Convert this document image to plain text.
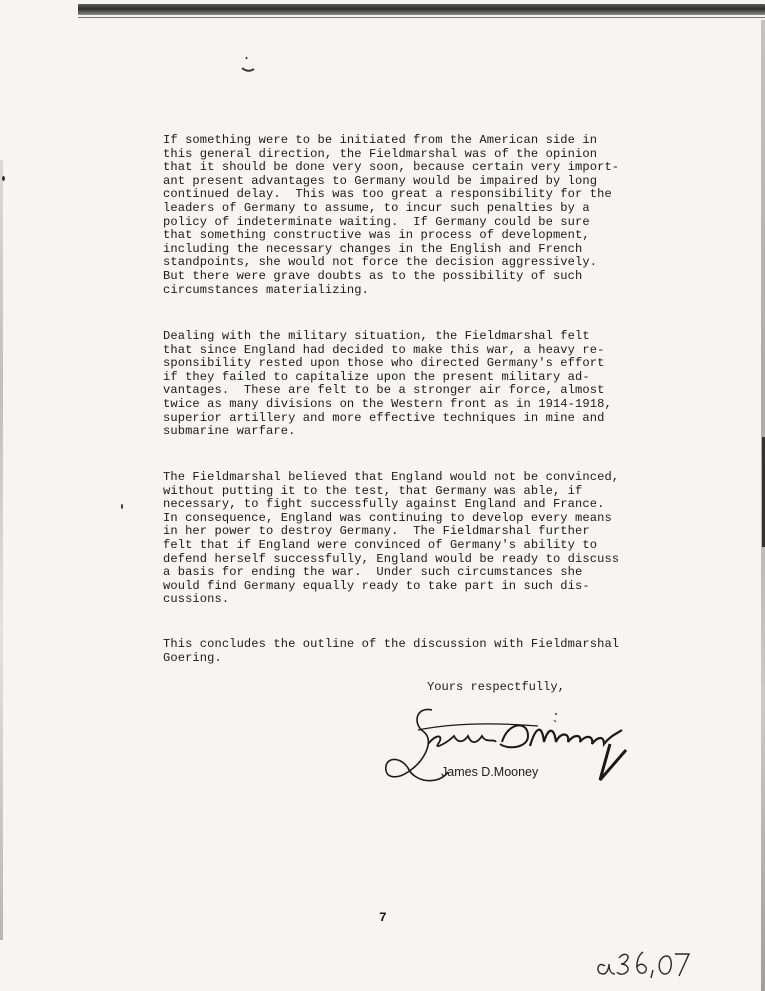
If something were to be initiated from the American side in
this general direction, the Fieldmarshal was of the opinion
that it should be done very soon, because certain very import-
ant present advantages to Germany would be impaired by long
continued delay.  This was too great a responsibility for the
leaders of Germany to assume, to incur such penalties by a
policy of indeterminate waiting.  If Germany could be sure
that something constructive was in process of development,
including the necessary changes in the English and French
standpoints, she would not force the decision aggressively.
But there were grave doubts as to the possibility of such
circumstances materializing.

Dealing with the military situation, the Fieldmarshal felt
that since England had decided to make this war, a heavy re-
sponsibility rested upon those who directed Germany's effort
if they failed to capitalize upon the present military ad-
vantages.  These are felt to be a stronger air force, almost
twice as many divisions on the Western front as in 1914-1918,
superior artillery and more effective techniques in mine and
submarine warfare.

The Fieldmarshal believed that England would not be convinced,
without putting it to the test, that Germany was able, if
necessary, to fight successfully against England and France.
In consequence, England was continuing to develop every means
in her power to destroy Germany.  The Fieldmarshal further
felt that if England were convinced of Germany's ability to
defend herself successfully, England would be ready to discuss
a basis for ending the war.  Under such circumstances she
would find Germany equally ready to take part in such dis-
cussions.

This concludes the outline of the discussion with Fieldmarshal
Goering.

Yours respectfully,
James D.Mooney
7
